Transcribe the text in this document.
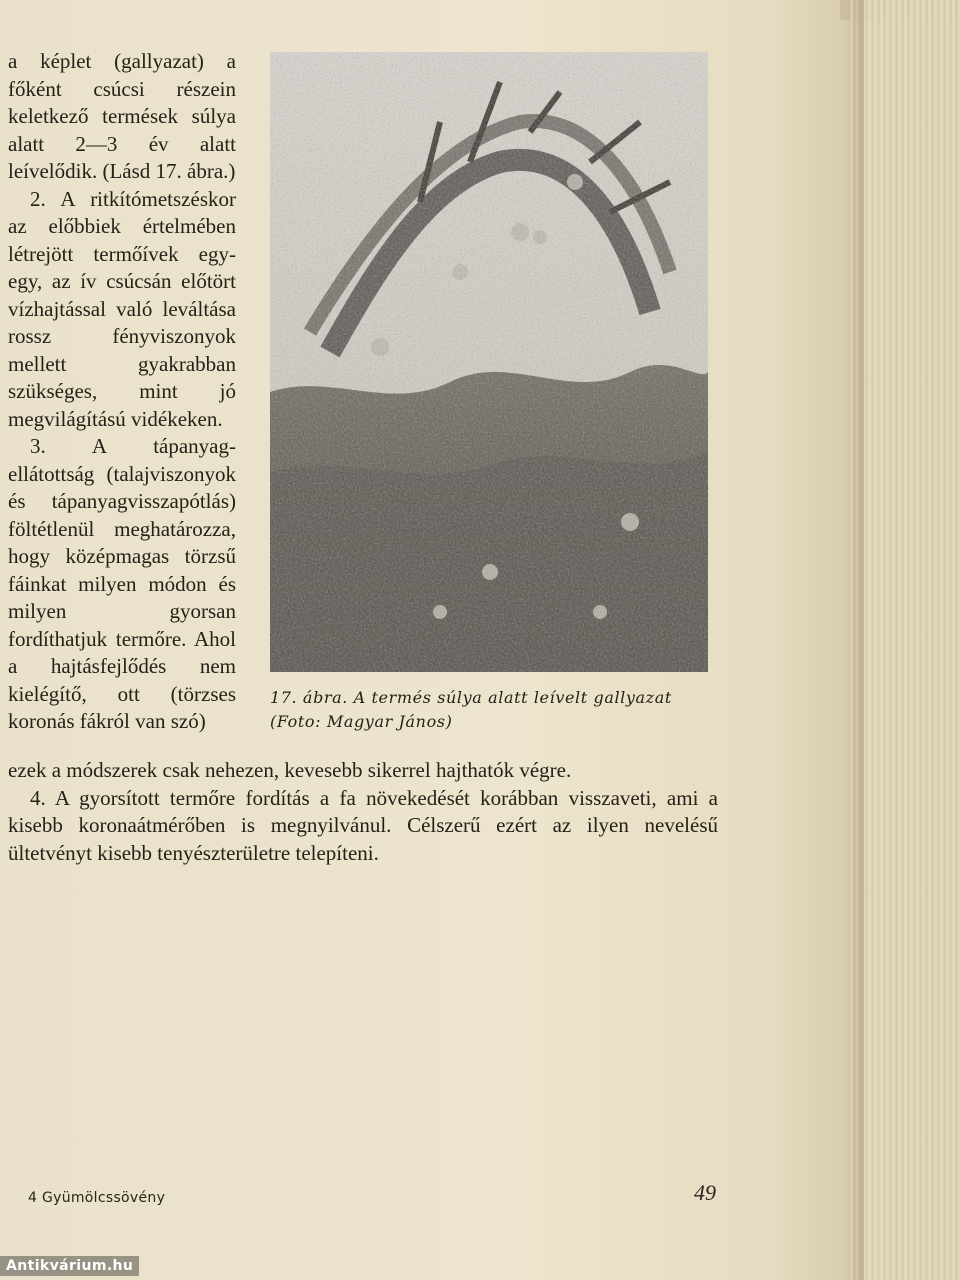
a képlet (gallyazat) a főként csúcsi részein keletkező termések súlya alatt 2—3 év alatt leívelődik. (Lásd 17. ábra.)

2. A ritkítómetszéskor az előbbiek értelmében létrejött termőívek egy-egy, az ív csúcsán előtört vízhajtással való leváltása rossz fényviszonyok mellett gyakrabban szükséges, mint jó megvilágítású vidékeken.

3. A tápanyag-ellátottság (talajviszonyok és tápanyagvisszapótlás) föltétlenül meghatározza, hogy középmagas törzsű fáinkat milyen módon és milyen gyorsan fordíthatjuk termőre. Ahol a hajtásfejlődés nem kielégítő, ott (törzses koronás fákról van szó)

17. ábra. A termés súlya alatt leívelt gallyazat
(Foto: Magyar János)

ezek a módszerek csak nehezen, kevesebb sikerrel hajthatók végre.

4. A gyorsított termőre fordítás a fa növekedését korábban visszaveti, ami a kisebb koronaátmérőben is megnyilvánul. Célszerű ezért az ilyen nevelésű ültetvényt kisebb tenyészterületre telepíteni.

4 Gyümölcssövény	49
Antikvárium.hu
